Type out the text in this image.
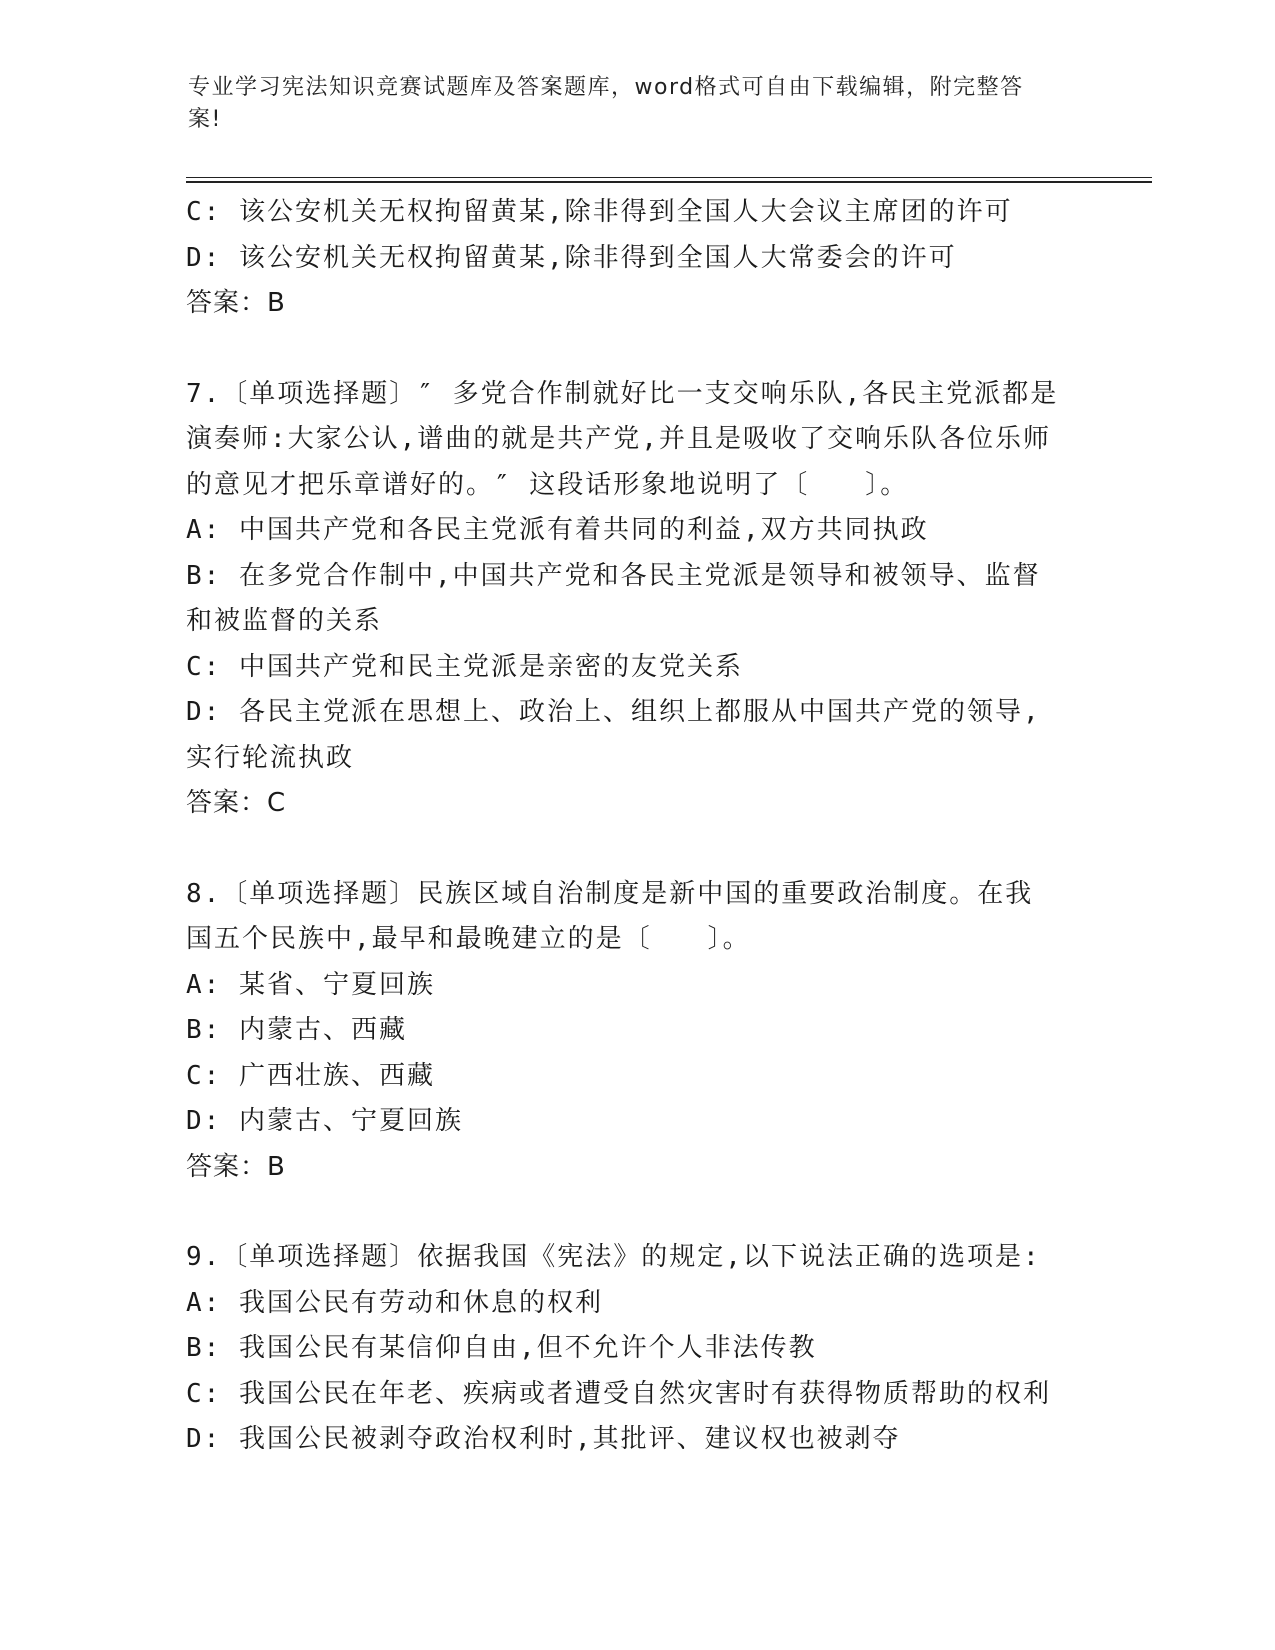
专业学习宪法知识竞赛试题库及答案题库，word格式可自由下载编辑，附完整答
案!
C: 该公安机关无权拘留黄某,除非得到全国人大会议主席团的许可
D: 该公安机关无权拘留黄某,除非得到全国人大常委会的许可
答案：B
7.〔单项选择题〕″ 多党合作制就好比一支交响乐队,各民主党派都是
演奏师:大家公认,谱曲的就是共产党,并且是吸收了交响乐队各位乐师
的意见才把乐章谱好的。″ 这段话形象地说明了〔　　〕。
A: 中国共产党和各民主党派有着共同的利益,双方共同执政
B: 在多党合作制中,中国共产党和各民主党派是领导和被领导、监督
和被监督的关系
C: 中国共产党和民主党派是亲密的友党关系
D: 各民主党派在思想上、政治上、组织上都服从中国共产党的领导,
实行轮流执政
答案：C
8.〔单项选择题〕民族区域自治制度是新中国的重要政治制度。在我
国五个民族中,最早和最晚建立的是〔　　〕。
A: 某省、宁夏回族
B: 内蒙古、西藏
C: 广西壮族、西藏
D: 内蒙古、宁夏回族
答案：B
9.〔单项选择题〕依据我国《宪法》的规定,以下说法正确的选项是:
A: 我国公民有劳动和休息的权利
B: 我国公民有某信仰自由,但不允许个人非法传教
C: 我国公民在年老、疾病或者遭受自然灾害时有获得物质帮助的权利
D: 我国公民被剥夺政治权利时,其批评、建议权也被剥夺
